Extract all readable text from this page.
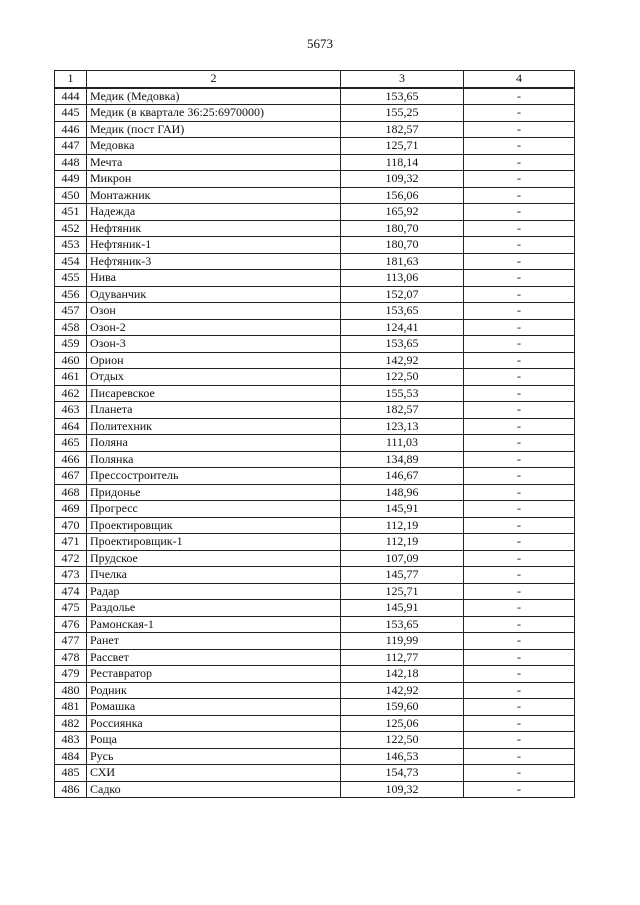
5673
1	2	3	4
444	Медик (Медовка)	153,65	-
445	Медик (в квартале 36:25:6970000)	155,25	-
446	Медик (пост ГАИ)	182,57	-
447	Медовка	125,71	-
448	Мечта	118,14	-
449	Микрон	109,32	-
450	Монтажник	156,06	-
451	Надежда	165,92	-
452	Нефтяник	180,70	-
453	Нефтяник-1	180,70	-
454	Нефтяник-3	181,63	-
455	Нива	113,06	-
456	Одуванчик	152,07	-
457	Озон	153,65	-
458	Озон-2	124,41	-
459	Озон-3	153,65	-
460	Орион	142,92	-
461	Отдых	122,50	-
462	Писаревское	155,53	-
463	Планета	182,57	-
464	Политехник	123,13	-
465	Поляна	111,03	-
466	Полянка	134,89	-
467	Прессостроитель	146,67	-
468	Придонье	148,96	-
469	Прогресс	145,91	-
470	Проектировщик	112,19	-
471	Проектировщик-1	112,19	-
472	Прудское	107,09	-
473	Пчелка	145,77	-
474	Радар	125,71	-
475	Раздолье	145,91	-
476	Рамонская-1	153,65	-
477	Ранет	119,99	-
478	Рассвет	112,77	-
479	Реставратор	142,18	-
480	Родник	142,92	-
481	Ромашка	159,60	-
482	Россиянка	125,06	-
483	Роща	122,50	-
484	Русь	146,53	-
485	СХИ	154,73	-
486	Садко	109,32	-
